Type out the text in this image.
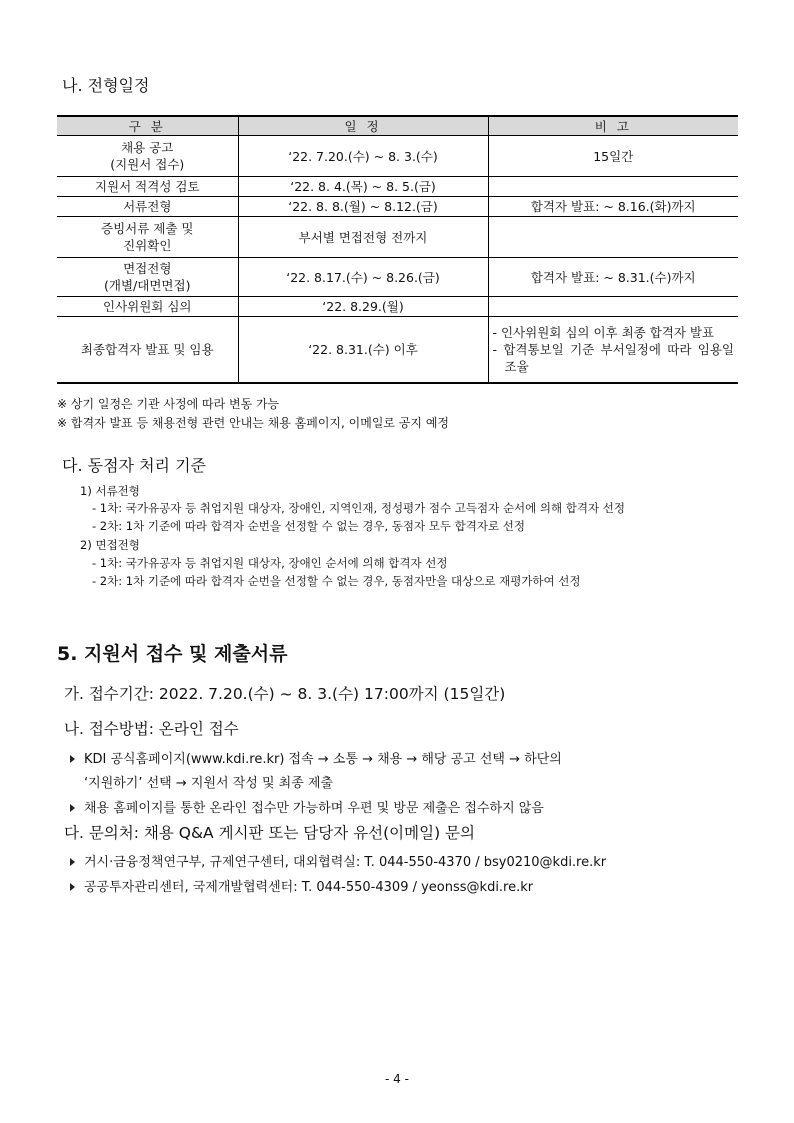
나. 전형일정
구 분	일 정	비 고
채용 공고
(지원서 접수)	‘22. 7.20.(수) ~ 8. 3.(수)	15일간
지원서 적격성 검토	‘22. 8. 4.(목) ~ 8. 5.(금)	
서류전형	‘22. 8. 8.(월) ~ 8.12.(금)	합격자 발표: ~ 8.16.(화)까지
증빙서류 제출 및
진위확인	부서별 면접전형 전까지	
면접전형
(개별/대면면접)	‘22. 8.17.(수) ~ 8.26.(금)	합격자 발표: ~ 8.31.(수)까지
인사위원회 심의	‘22. 8.29.(월)	
최종합격자 발표 및 임용	‘22. 8.31.(수) 이후	- 인사위원회 심의 이후 최종 합격자 발표
- 합격통보일 기준 부서일정에 따라 임용일 조율
※ 상기 일정은 기관 사정에 따라 변동 가능
※ 합격자 발표 등 채용전형 관련 안내는 채용 홈페이지, 이메일로 공지 예정
다. 동점자 처리 기준
1) 서류전형
- 1차: 국가유공자 등 취업지원 대상자, 장애인, 지역인재, 정성평가 점수 고득점자 순서에 의해 합격자 선정
- 2차: 1차 기준에 따라 합격자 순번을 선정할 수 없는 경우, 동점자 모두 합격자로 선정
2) 면접전형
- 1차: 국가유공자 등 취업지원 대상자, 장애인 순서에 의해 합격자 선정
- 2차: 1차 기준에 따라 합격자 순번을 선정할 수 없는 경우, 동점자만을 대상으로 재평가하여 선정
5. 지원서 접수 및 제출서류
가. 접수기간: 2022. 7.20.(수) ~ 8. 3.(수) 17:00까지 (15일간)
나. 접수방법: 온라인 접수
KDI 공식홈페이지(www.kdi.re.kr) 접속 → 소통 → 채용 → 해당 공고 선택 → 하단의
‘지원하기’ 선택 → 지원서 작성 및 최종 제출
채용 홈페이지를 통한 온라인 접수만 가능하며 우편 및 방문 제출은 접수하지 않음
다. 문의처: 채용 Q&A 게시판 또는 담당자 유선(이메일) 문의
거시·금융정책연구부, 규제연구센터, 대외협력실: T. 044-550-4370 / bsy0210@kdi.re.kr
공공투자관리센터, 국제개발협력센터: T. 044-550-4309 / yeonss@kdi.re.kr
- 4 -
